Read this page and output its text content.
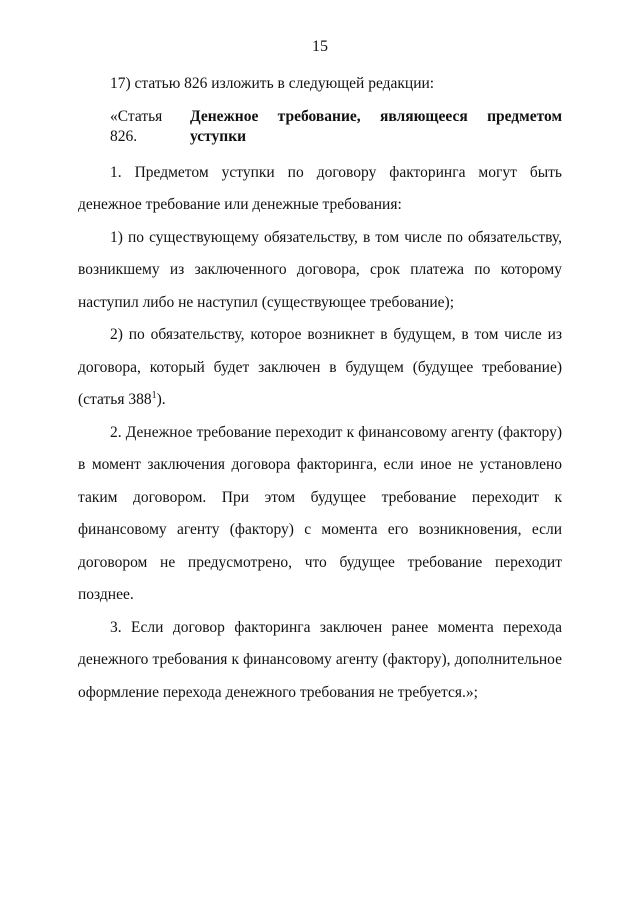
15

17) статью 826 изложить в следующей редакции:

«Статья 826.
Денежное требование, являющееся предметом уступки

1. Предметом уступки по договору факторинга могут быть денежное требование или денежные требования:

1) по существующему обязательству, в том числе по обязательству, возникшему из заключенного договора, срок платежа по которому наступил либо не наступил (существующее требование);

2) по обязательству, которое возникнет в будущем, в том числе из договора, который будет заключен в будущем (будущее требование) (статья $388^1$).

2. Денежное требование переходит к финансовому агенту (фактору) в момент заключения договора факторинга, если иное не установлено таким договором. При этом будущее требование переходит к финансовому агенту (фактору) с момента его возникновения, если договором не предусмотрено, что будущее требование переходит позднее.

3. Если договор факторинга заключен ранее момента перехода денежного требования к финансовому агенту (фактору), дополнительное оформление перехода денежного требования не требуется.»;
